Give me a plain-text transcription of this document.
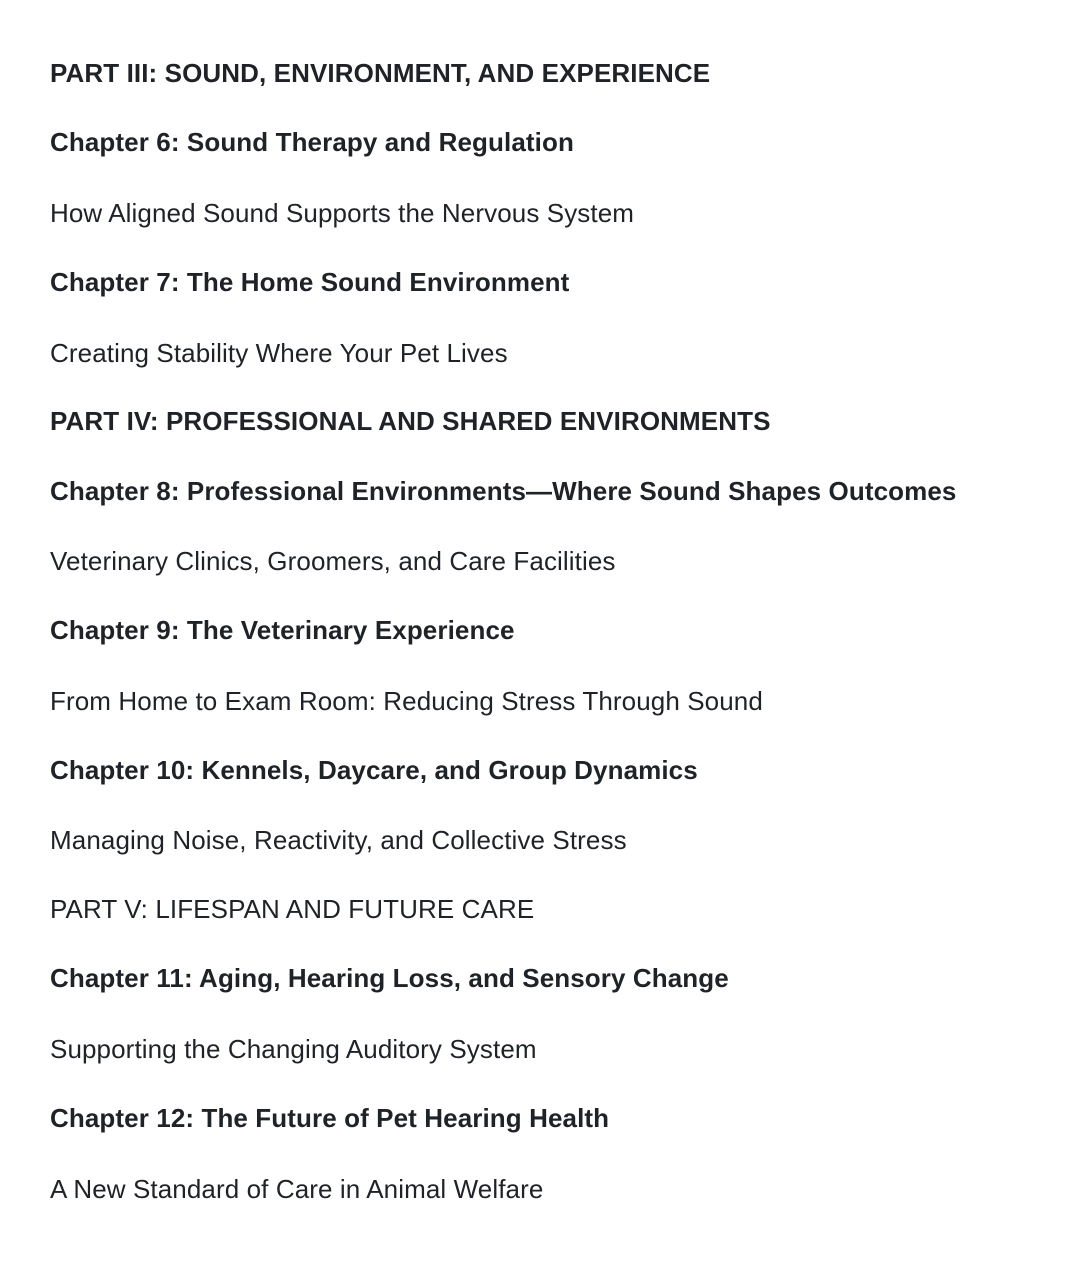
PART III: SOUND, ENVIRONMENT, AND EXPERIENCE
Chapter 6: Sound Therapy and Regulation
How Aligned Sound Supports the Nervous System
Chapter 7: The Home Sound Environment
Creating Stability Where Your Pet Lives
PART IV: PROFESSIONAL AND SHARED ENVIRONMENTS
Chapter 8: Professional Environments—Where Sound Shapes Outcomes
Veterinary Clinics, Groomers, and Care Facilities
Chapter 9: The Veterinary Experience
From Home to Exam Room: Reducing Stress Through Sound
Chapter 10: Kennels, Daycare, and Group Dynamics
Managing Noise, Reactivity, and Collective Stress
PART V: LIFESPAN AND FUTURE CARE
Chapter 11: Aging, Hearing Loss, and Sensory Change
Supporting the Changing Auditory System
Chapter 12: The Future of Pet Hearing Health
A New Standard of Care in Animal Welfare
